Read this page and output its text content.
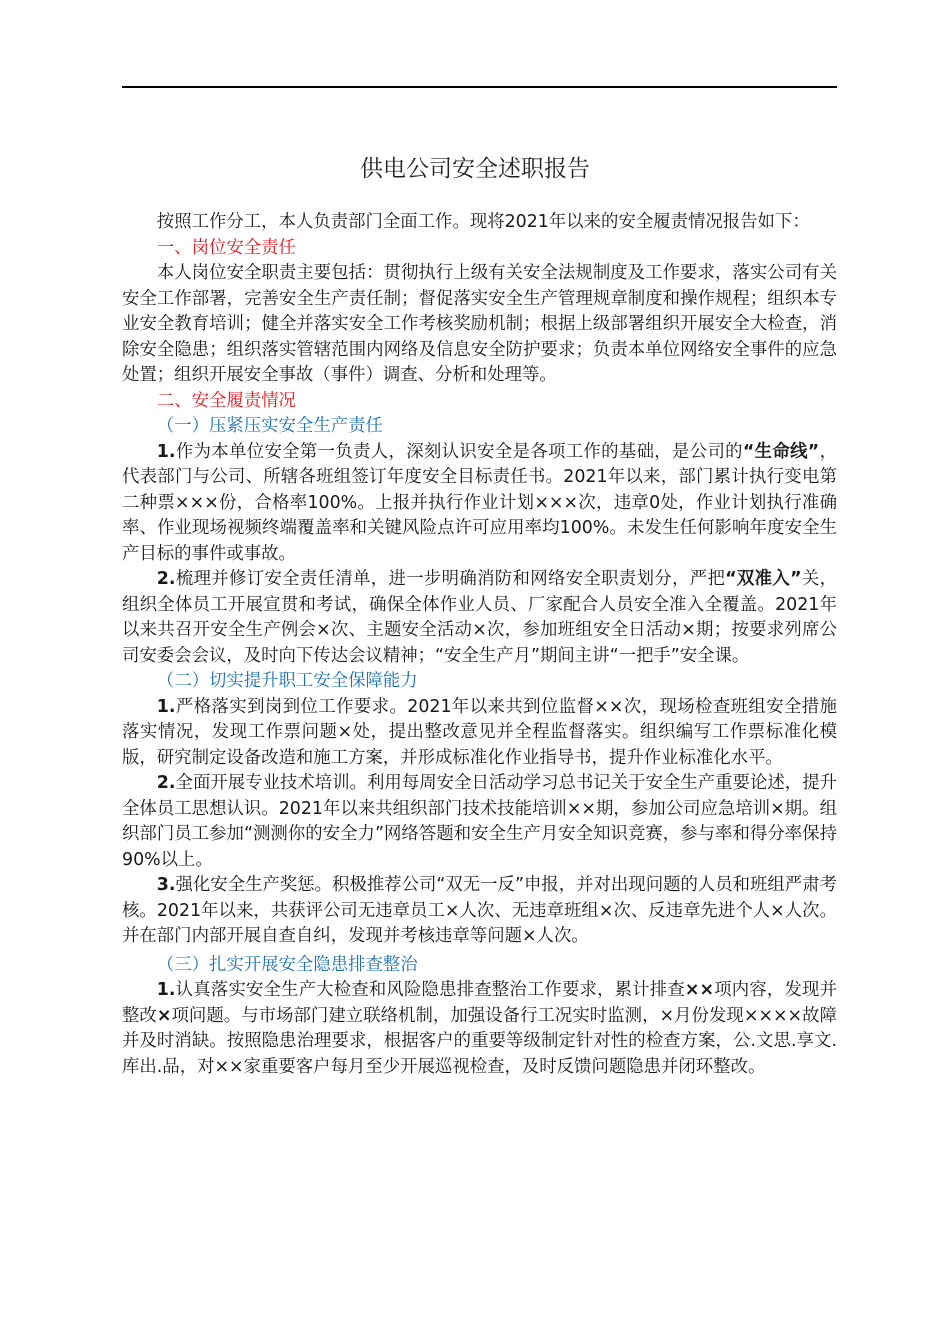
供电公司安全述职报告

按照工作分工，本人负责部门全面工作。现将2021年以来的安全履责情况报告如下：

一、岗位安全责任

本人岗位安全职责主要包括：贯彻执行上级有关安全法规制度及工作要求，落实公司有关安全工作部署，完善安全生产责任制；督促落实安全生产管理规章制度和操作规程；组织本专业安全教育培训；健全并落实安全工作考核奖励机制；根据上级部署组织开展安全大检查，消除安全隐患；组织落实管辖范围内网络及信息安全防护要求；负责本单位网络安全事件的应急处置；组织开展安全事故（事件）调查、分析和处理等。

二、安全履责情况

（一）压紧压实安全生产责任

1.作为本单位安全第一负责人，深刻认识安全是各项工作的基础，是公司的“生命线”，代表部门与公司、所辖各班组签订年度安全目标责任书。2021年以来，部门累计执行变电第二种票×××份，合格率100%。上报并执行作业计划×××次，违章0处，作业计划执行准确率、作业现场视频终端覆盖率和关键风险点许可应用率均100%。未发生任何影响年度安全生产目标的事件或事故。

2.梳理并修订安全责任清单，进一步明确消防和网络安全职责划分，严把“双准入”关，组织全体员工开展宣贯和考试，确保全体作业人员、厂家配合人员安全准入全覆盖。2021年以来共召开安全生产例会×次、主题安全活动×次，参加班组安全日活动×期；按要求列席公司安委会会议，及时向下传达会议精神；“安全生产月”期间主讲“一把手”安全课。

（二）切实提升职工安全保障能力

1.严格落实到岗到位工作要求。2021年以来共到位监督××次，现场检查班组安全措施落实情况，发现工作票问题×处，提出整改意见并全程监督落实。组织编写工作票标准化模版，研究制定设备改造和施工方案，并形成标准化作业指导书，提升作业标准化水平。

2.全面开展专业技术培训。利用每周安全日活动学习总书记关于安全生产重要论述，提升全体员工思想认识。2021年以来共组织部门技术技能培训××期，参加公司应急培训×期。组织部门员工参加“测测你的安全力”网络答题和安全生产月安全知识竞赛，参与率和得分率保持90%以上。

3.强化安全生产奖惩。积极推荐公司“双无一反”申报，并对出现问题的人员和班组严肃考核。2021年以来，共获评公司无违章员工×人次、无违章班组×次、反违章先进个人×人次。并在部门内部开展自查自纠，发现并考核违章等问题×人次。

（三）扎实开展安全隐患排查整治

1.认真落实安全生产大检查和风险隐患排查整治工作要求，累计排查××项内容，发现并整改×项问题。与市场部门建立联络机制，加强设备行工况实时监测，×月份发现××××故障并及时消缺。按照隐患治理要求，根据客户的重要等级制定针对性的检查方案，公.文思.享文.库出.品，对××家重要客户每月至少开展巡视检查，及时反馈问题隐患并闭环整改。
